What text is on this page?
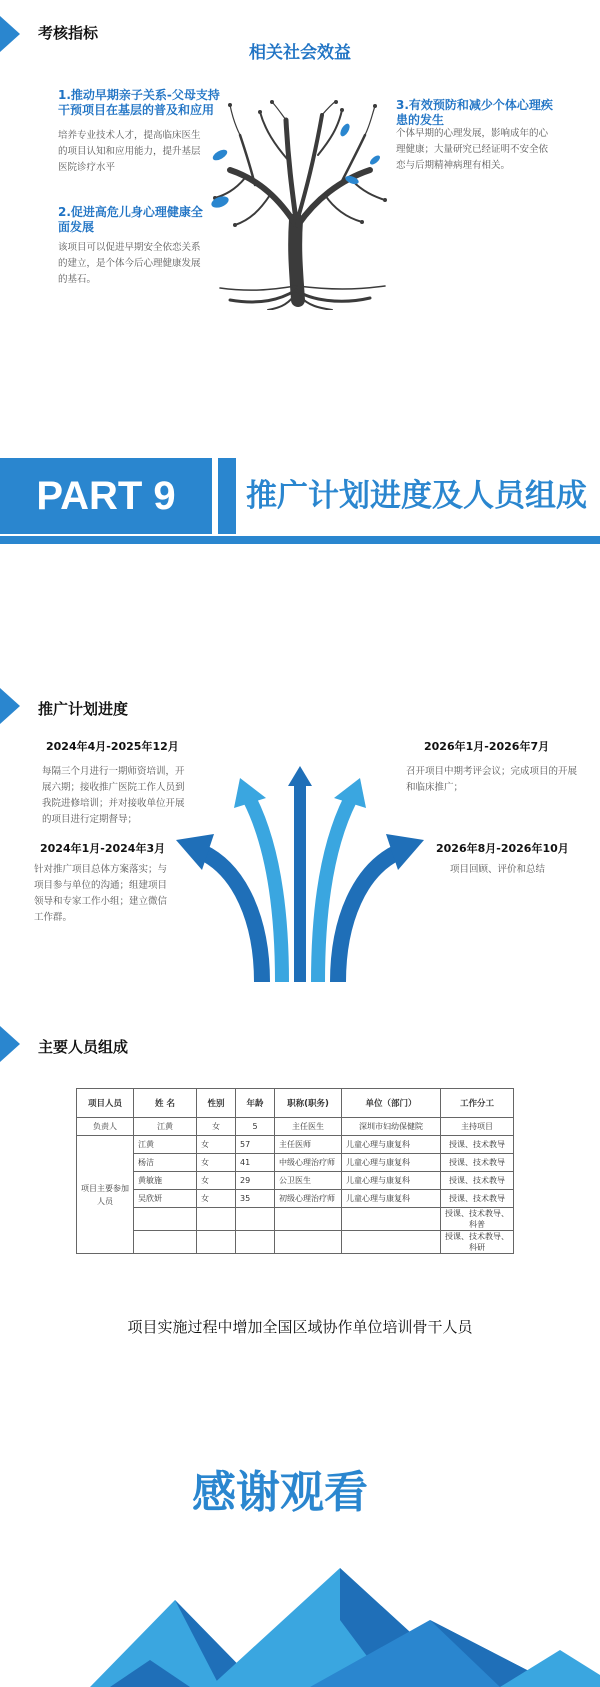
考核指标
相关社会效益
1.推动早期亲子关系-父母支持干预项目在基层的普及和应用
培养专业技术人才，提高临床医生的项目认知和应用能力，提升基层医院诊疗水平
2.促进高危儿身心理健康全面发展
该项目可以促进早期安全依恋关系的建立，是个体今后心理健康发展的基石。
3.有效预防和减少个体心理疾患的发生
个体早期的心理发展，影响成年的心理健康；大量研究已经证明不安全依恋与后期精神病理有相关。
PART 9	推广计划进度及人员组成
推广计划进度
2024年4月-2025年12月
每隔三个月进行一期师资培训，开展六期；接收推广医院工作人员到我院进修培训；并对接收单位开展的项目进行定期督导；
2024年1月-2024年3月
针对推广项目总体方案落实；与项目参与单位的沟通；组建项目领导和专家工作小组；建立微信工作群。
2026年1月-2026年7月
召开项目中期考评会议；完成项目的开展和临床推广；
2026年8月-2026年10月
项目回顾、评价和总结
主要人员组成
项目人员	姓 名	性别	年龄	职称(职务)	单位（部门）	工作分工
负责人	江黄	女	5	主任医生	深圳市妇幼保健院	主持项目
项目主要参加人员	江黄	女	57	主任医师	儿童心理与康复科	授课、技术教导
	杨洁	女	41	中级心理治疗师	儿童心理与康复科	授课、技术教导
	黄敏施	女	29	公卫医生	儿童心理与康复科	授课、技术教导
	吴欣妍	女	35	初级心理治疗师	儿童心理与康复科	授课、技术教导
						授课、技术教导、科普
						授课、技术教导、科研
项目实施过程中增加全国区域协作单位培训骨干人员
感谢观看
